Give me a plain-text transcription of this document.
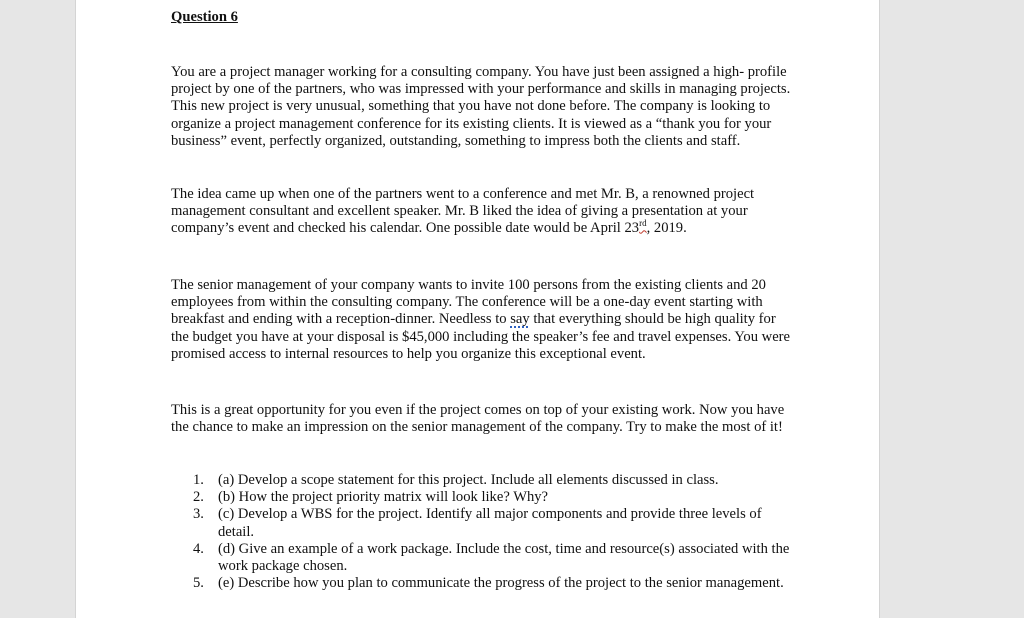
Question 6

You are a project manager working for a consulting company. You have just been assigned a high- profile project by one of the partners, who was impressed with your performance and skills in managing projects. This new project is very unusual, something that you have not done before. The company is looking to organize a project management conference for its existing clients. It is viewed as a “thank you for your business” event, perfectly organized, outstanding, something to impress both the clients and staff.

The idea came up when one of the partners went to a conference and met Mr. B, a renowned project management consultant and excellent speaker. Mr. B liked the idea of giving a presentation at your company’s event and checked his calendar. One possible date would be April 23rd, 2019.

The senior management of your company wants to invite 100 persons from the existing clients and 20 employees from within the consulting company. The conference will be a one-day event starting with breakfast and ending with a reception-dinner. Needless to say that everything should be high quality for the budget you have at your disposal is $45,000 including the speaker’s fee and travel expenses. You were promised access to internal resources to help you organize this exceptional event.

This is a great opportunity for you even if the project comes on top of your existing work. Now you have the chance to make an impression on the senior management of the company. Try to make the most of it!

1. (a) Develop a scope statement for this project. Include all elements discussed in class.
2. (b) How the project priority matrix will look like? Why?
3. (c) Develop a WBS for the project. Identify all major components and provide three levels of detail.
4. (d) Give an example of a work package. Include the cost, time and resource(s) associated with the work package chosen.
5. (e) Describe how you plan to communicate the progress of the project to the senior management.
